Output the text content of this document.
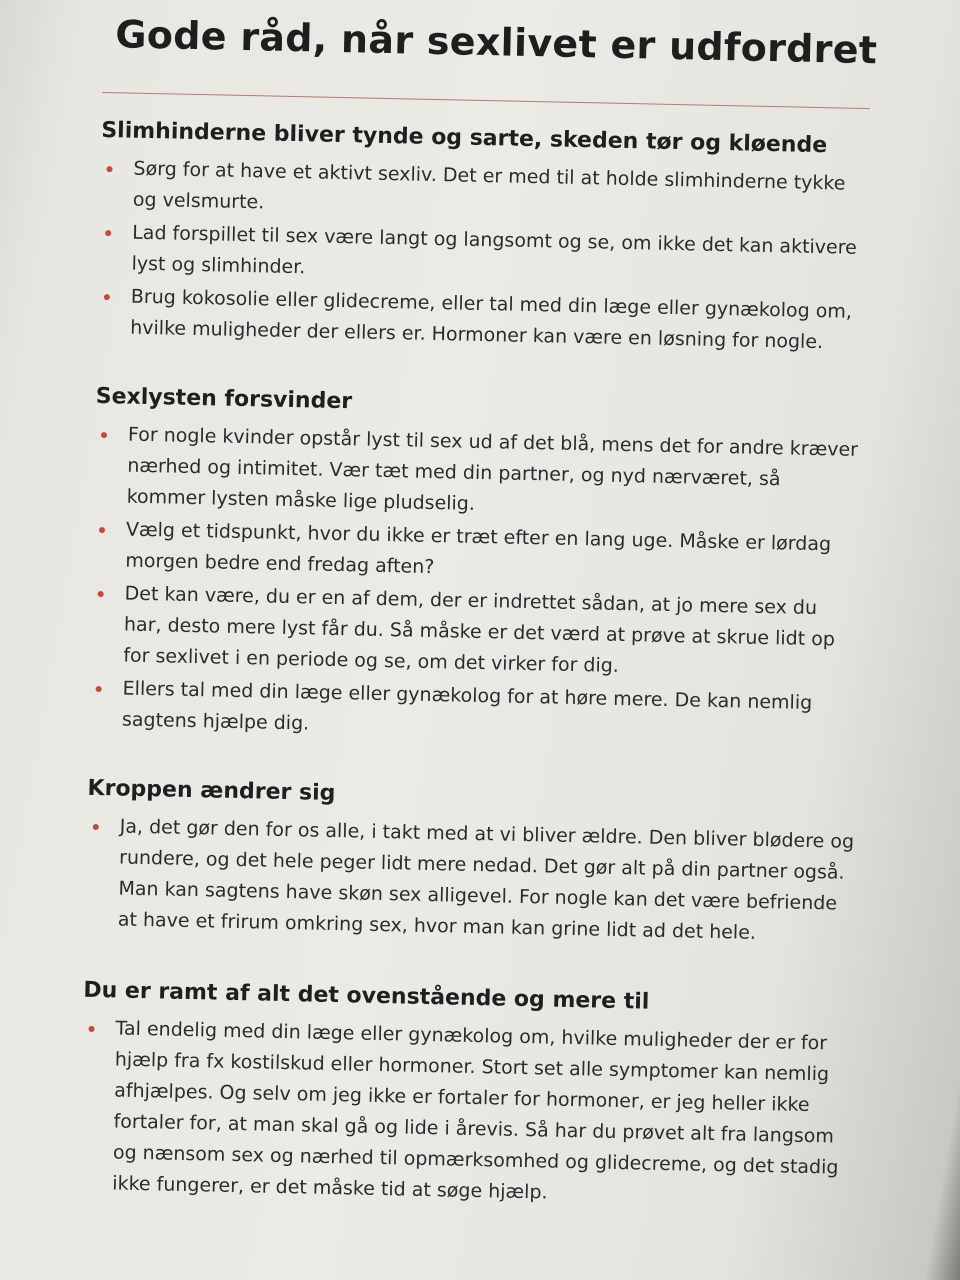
Gode råd, når sexlivet er udfordret
Slimhinderne bliver tynde og sarte, skeden tør og kløende
Sørg for at have et aktivt sexliv. Det er med til at holde slimhinderne tykke og velsmurte.
Lad forspillet til sex være langt og langsomt og se, om ikke det kan aktivere lyst og slimhinder.
Brug kokosolie eller glidecreme, eller tal med din læge eller gynækolog om, hvilke muligheder der ellers er. Hormoner kan være en løsning for nogle.
Sexlysten forsvinder
For nogle kvinder opstår lyst til sex ud af det blå, mens det for andre kræver nærhed og intimitet. Vær tæt med din partner, og nyd nærværet, så kommer lysten måske lige pludselig.
Vælg et tidspunkt, hvor du ikke er træt efter en lang uge. Måske er lørdag morgen bedre end fredag aften?
Det kan være, du er en af dem, der er indrettet sådan, at jo mere sex du har, desto mere lyst får du. Så måske er det værd at prøve at skrue lidt op for sexlivet i en periode og se, om det virker for dig.
Ellers tal med din læge eller gynækolog for at høre mere. De kan nemlig sagtens hjælpe dig.
Kroppen ændrer sig
Ja, det gør den for os alle, i takt med at vi bliver ældre. Den bliver blødere og rundere, og det hele peger lidt mere nedad. Det gør alt på din partner også. Man kan sagtens have skøn sex alligevel. For nogle kan det være befriende at have et frirum omkring sex, hvor man kan grine lidt ad det hele.
Du er ramt af alt det ovenstående og mere til
Tal endelig med din læge eller gynækolog om, hvilke muligheder der er for hjælp fra fx kostilskud eller hormoner. Stort set alle symptomer kan nemlig afhjælpes. Og selv om jeg ikke er fortaler for hormoner, er jeg heller ikke fortaler for, at man skal gå og lide i årevis. Så har du prøvet alt fra langsom og nænsom sex og nærhed til opmærksomhed og glidecreme, og det stadig ikke fungerer, er det måske tid at søge hjælp.
